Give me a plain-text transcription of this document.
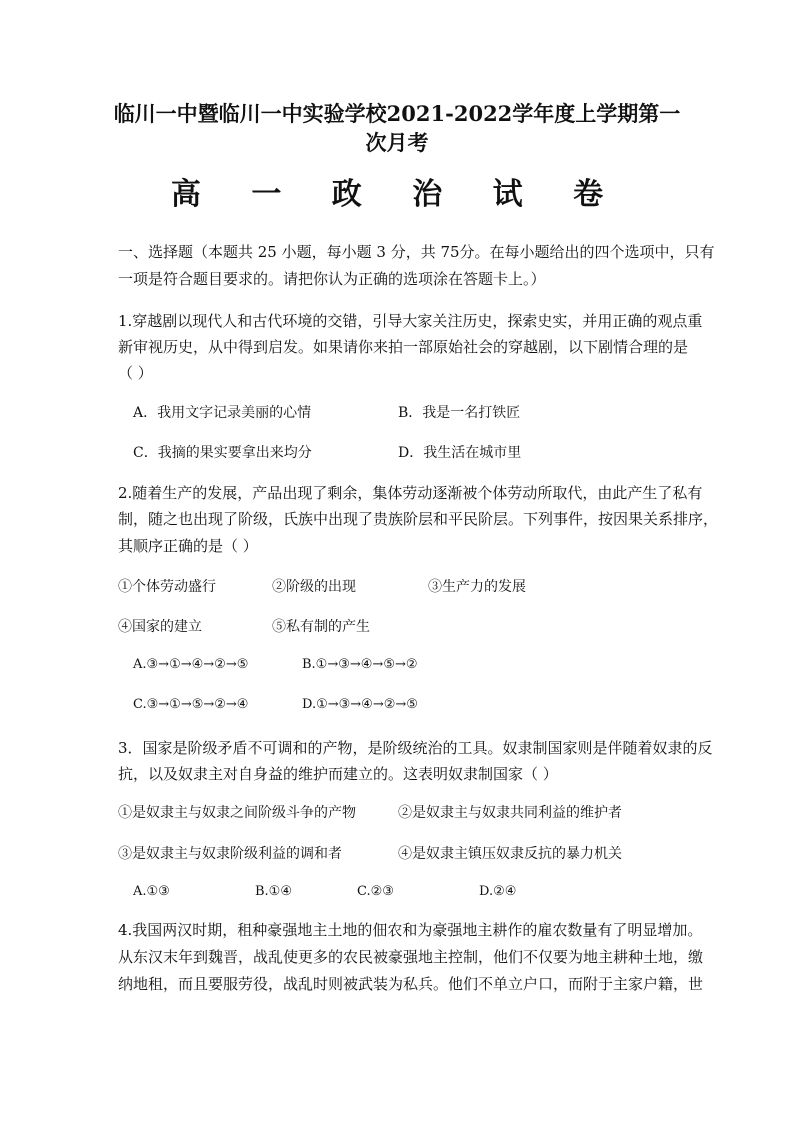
临川一中暨临川一中实验学校2021-2022学年度上学期第一
次月考
高 一 政 治 试 卷
一、选择题（本题共 25 小题，每小题 3 分，共 75分。在每小题给出的四个选项中，只有
一项是符合题目要求的。请把你认为正确的选项涂在答题卡上。）
1.穿越剧以现代人和古代环境的交错，引导大家关注历史，探索史实，并用正确的观点重
新审视历史，从中得到启发。如果请你来拍一部原始社会的穿越剧，以下剧情合理的是
（ ）
A．我用文字记录美丽的心情	B．我是一名打铁匠
C．我摘的果实要拿出来均分	D．我生活在城市里
2.随着生产的发展，产品出现了剩余，集体劳动逐渐被个体劳动所取代，由此产生了私有
制，随之也出现了阶级，氏族中出现了贵族阶层和平民阶层。下列事件，按因果关系排序，
其顺序正确的是（ ）
①个体劳动盛行	②阶级的出现	③生产力的发展
④国家的建立	⑤私有制的产生
A.③→①→④→②→⑤	B.①→③→④→⑤→②
C.③→①→⑤→②→④	D.①→③→④→②→⑤
3．国家是阶级矛盾不可调和的产物，是阶级统治的工具。奴隶制国家则是伴随着奴隶的反
抗，以及奴隶主对自身益的维护而建立的。这表明奴隶制国家（ ）
①是奴隶主与奴隶之间阶级斗争的产物	②是奴隶主与奴隶共同利益的维护者
③是奴隶主与奴隶阶级利益的调和者	④是奴隶主镇压奴隶反抗的暴力机关
A.①③	B.①④	C.②③	D.②④
4.我国两汉时期，租种豪强地主土地的佃农和为豪强地主耕作的雇农数量有了明显增加。
从东汉末年到魏晋，战乱使更多的农民被豪强地主控制，他们不仅要为地主耕种土地，缴
纳地租，而且要服劳役，战乱时则被武装为私兵。他们不单立户口，而附于主家户籍，世
